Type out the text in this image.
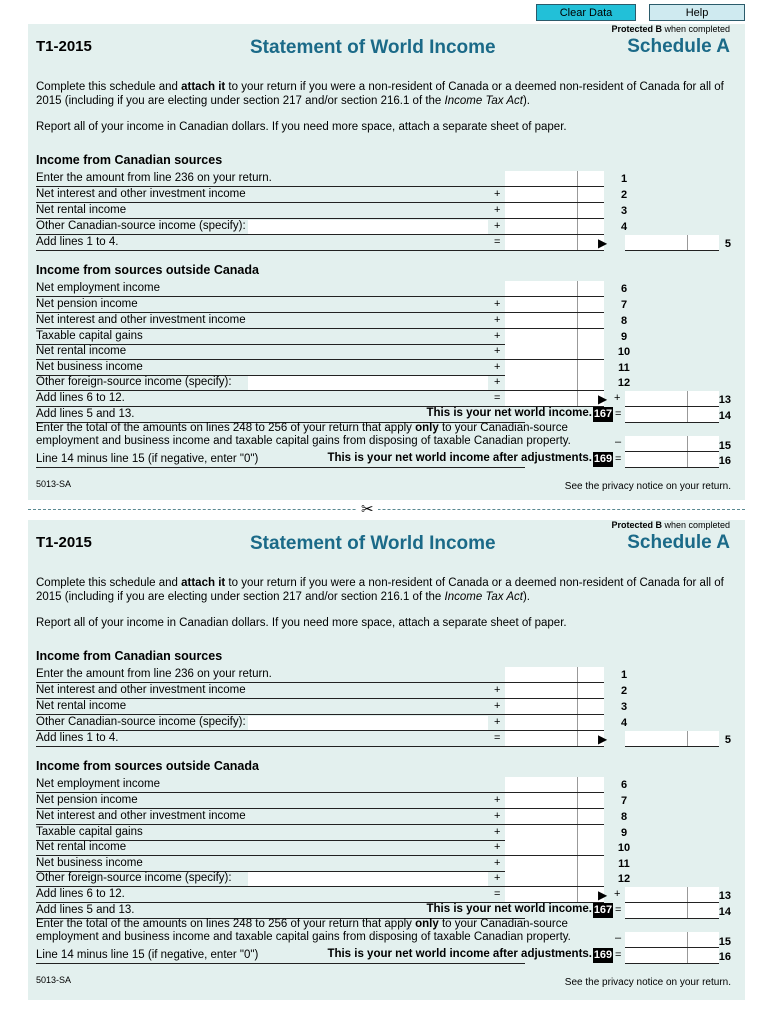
Clear Data	Help
✂
Protected B when completed
T1-2015	Statement of World Income	Schedule A
Complete this schedule and attach it to your return if you were a non-resident of Canada or a deemed non-resident of Canada for all of 2015 (including if you are electing under section 217 and/or section 216.1 of the Income Tax Act).
Report all of your income in Canadian dollars. If you need more space, attach a separate sheet of paper.
Income from Canadian sources
Enter the amount from line 236 on your return.	1
Net interest and other investment income	+	2
Net rental income	+	3
Other Canadian-source income (specify):	+	4
Add lines 1 to 4.	=	▶	5
Income from sources outside Canada
Net employment income	6
Net pension income	+	7
Net interest and other investment income	+	8
Taxable capital gains	+	9
Net rental income	+	10
Net business income	+	11
Other foreign-source income (specify):	+	12
Add lines 6 to 12.	=	▶ +	13
Add lines 5 and 13.	This is your net world income. 167 =	14
Enter the total of the amounts on lines 248 to 256 of your return that apply only to your Canadian-source
employment and business income and taxable capital gains from disposing of taxable Canadian property.	–	15
Line 14 minus line 15 (if negative, enter "0")	This is your net world income after adjustments. 169 =	16
5013-SA	See the privacy notice on your return.
Protected B when completed
T1-2015	Statement of World Income	Schedule A
Complete this schedule and attach it to your return if you were a non-resident of Canada or a deemed non-resident of Canada for all of 2015 (including if you are electing under section 217 and/or section 216.1 of the Income Tax Act).
Report all of your income in Canadian dollars. If you need more space, attach a separate sheet of paper.
Income from Canadian sources
Enter the amount from line 236 on your return.	1
Net interest and other investment income	+	2
Net rental income	+	3
Other Canadian-source income (specify):	+	4
Add lines 1 to 4.	=	▶	5
Income from sources outside Canada
Net employment income	6
Net pension income	+	7
Net interest and other investment income	+	8
Taxable capital gains	+	9
Net rental income	+	10
Net business income	+	11
Other foreign-source income (specify):	+	12
Add lines 6 to 12.	=	▶ +	13
Add lines 5 and 13.	This is your net world income. 167 =	14
Enter the total of the amounts on lines 248 to 256 of your return that apply only to your Canadian-source
employment and business income and taxable capital gains from disposing of taxable Canadian property.	–	15
Line 14 minus line 15 (if negative, enter "0")	This is your net world income after adjustments. 169 =	16
5013-SA	See the privacy notice on your return.
